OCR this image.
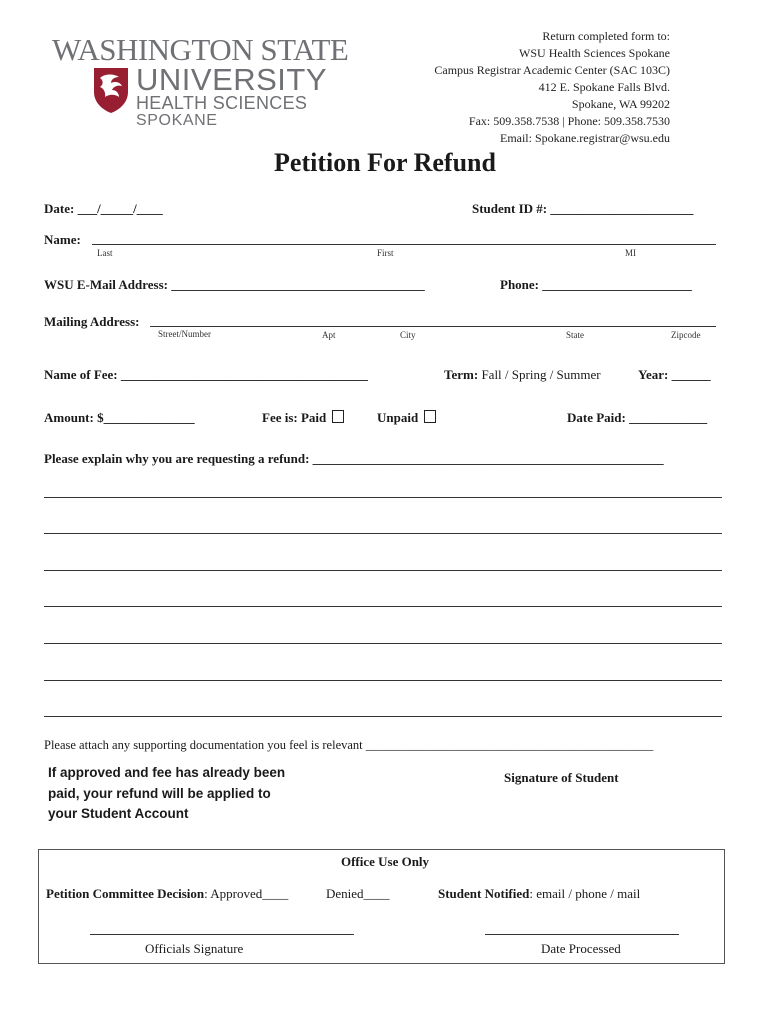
WASHINGTON STATE
UNIVERSITY
HEALTH SCIENCES
SPOKANE
Return completed form to:
WSU Health Sciences Spokane
Campus Registrar Academic Center (SAC 103C)
412 E. Spokane Falls Blvd.
Spokane, WA 99202
Fax: 509.358.7538 | Phone: 509.358.7530
Email: Spokane.registrar@wsu.edu
Petition For Refund
Date: ___/_____/____	Student ID #: ______________________
Name:
Last	First	MI
WSU E-Mail Address: _______________________________________	Phone: _______________________
Mailing Address:
Street/Number	Apt	City	State	Zipcode
Name of Fee: ______________________________________	Term: Fall / Spring / Summer	Year: ______
Amount: $______________	Fee is: Paid	Unpaid	Date Paid: ____________
Please explain why you are requesting a refund: ______________________________________________________
Please attach any supporting documentation you feel is relevant ______________________________________________
If approved and fee has already been
paid, your refund will be applied to
your Student Account
Signature of Student
Office Use Only
Petition Committee Decision: Approved____	Denied____	Student Notified: email / phone / mail
Officials Signature	Date Processed
